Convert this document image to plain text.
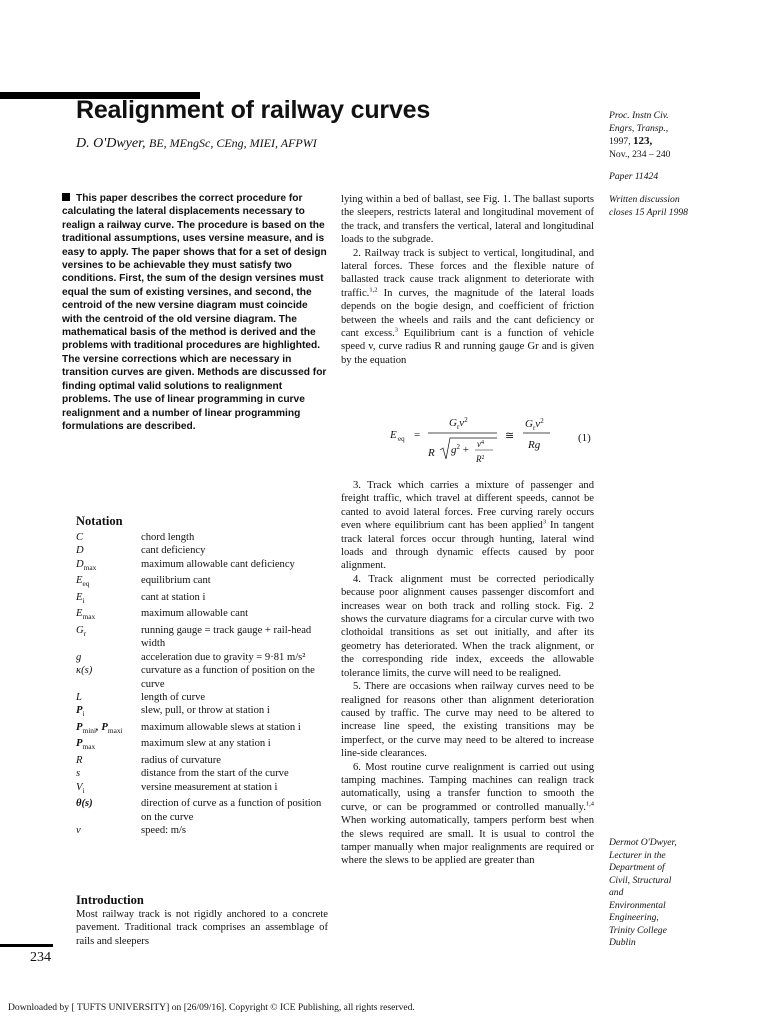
Realignment of railway curves
D. O'Dwyer, BE, MEngSc, CEng, MIEI, AFPWI
Proc. Instn Civ.
Engrs, Transp.,
1997, 123,
Nov., 234 – 240
Paper 11424
Written discussion
closes 15 April 1998
Dermot O'Dwyer,
Lecturer in the
Department of
Civil, Structural
and
Environmental
Engineering,
Trinity College
Dublin
This paper describes the correct procedure for calculating the lateral displacements necessary to realign a railway curve. The procedure is based on the traditional assumptions, uses versine measure, and is easy to apply. The paper shows that for a set of design versines to be achievable they must satisfy two conditions. First, the sum of the design versines must equal the sum of existing versines, and second, the centroid of the new versine diagram must coincide with the centroid of the old versine diagram. The mathematical basis of the method is derived and the problems with traditional procedures are highlighted. The versine corrections which are necessary in transition curves are given. Methods are discussed for finding optimal valid solutions to realignment problems. The use of linear programming in curve realignment and a number of linear programming formulations are described.
Notation
C	chord length
D	cant deficiency
$D_{max}$	maximum allowable cant deficiency
$E_{eq}$	equilibrium cant
$E_i$	cant at station i
$E_{max}$	maximum allowable cant
$G_r$	running gauge = track gauge + rail-head width
g	acceleration due to gravity = 9·81 m/s²
κ(s)	curvature as a function of position on the curve
L	length of curve
$P_i$	slew, pull, or throw at station i
$P_{mini}$, $P_{maxi}$	maximum allowable slews at station i
$P_{max}$	maximum slew at any station i
R	radius of curvature
s	distance from the start of the curve
$V_i$	versine measurement at station i
θ(s)	direction of curve as a function of position on the curve
v	speed: m/s
Introduction

Most railway track is not rigidly anchored to a concrete pavement. Traditional track comprises an assemblage of rails and sleepers

lying within a bed of ballast, see Fig. 1. The ballast suports the sleepers, restricts lateral and longitudinal movement of the track, and transfers the vertical, lateral and longitudinal loads to the subgrade.

2. Railway track is subject to vertical, longitudinal, and lateral forces. These forces and the flexible nature of ballasted track cause track alignment to deteriorate with traffic.$^{1,2}$ In curves, the magnitude of the lateral loads depends on the bogie design, and coefficient of friction between the wheels and rails and the cant deficiency or cant excess.$^3$ Equilibrium cant is a function of vehicle speed v, curve radius R and running gauge Gr and is given by the equation

E eq =
$G_rv^2$
R $g^2 + v^4$
$R^2$
≅
$G_rv^2$
Rg
(1)

3. Track which carries a mixture of passenger and freight traffic, which travel at different speeds, cannot be canted to avoid lateral forces. Free curving rarely occurs even where equilibrium cant has been applied$^3$ In tangent track lateral forces occur through hunting, lateral wind loads and through dynamic effects caused by poor alignment.

4. Track alignment must be corrected periodically because poor alignment causes passenger discomfort and increases wear on both track and rolling stock. Fig. 2 shows the curvature diagrams for a circular curve with two clothoidal transitions as set out initially, and after its geometry has deteriorated. When the track alignment, or the corresponding ride index, exceeds the allowable tolerance limits, the curve will need to be realigned.

5. There are occasions when railway curves need to be realigned for reasons other than alignment deterioration caused by traffic. The curve may need to be altered to increase line speed, the existing transitions may be imperfect, or the curve may need to be altered to increase line-side clearances.

6. Most routine curve realignment is carried out using tamping machines. Tamping machines can realign track automatically, using a transfer function to smooth the curve, or can be programmed or controlled manually.$^{1,4}$ When working automatically, tampers perform best when the slews required are small. It is usual to control the tamper manually when major realignments are required or where the slews to be applied are greater than

234
Downloaded by [ TUFTS UNIVERSITY] on [26/09/16]. Copyright © ICE Publishing, all rights reserved.
